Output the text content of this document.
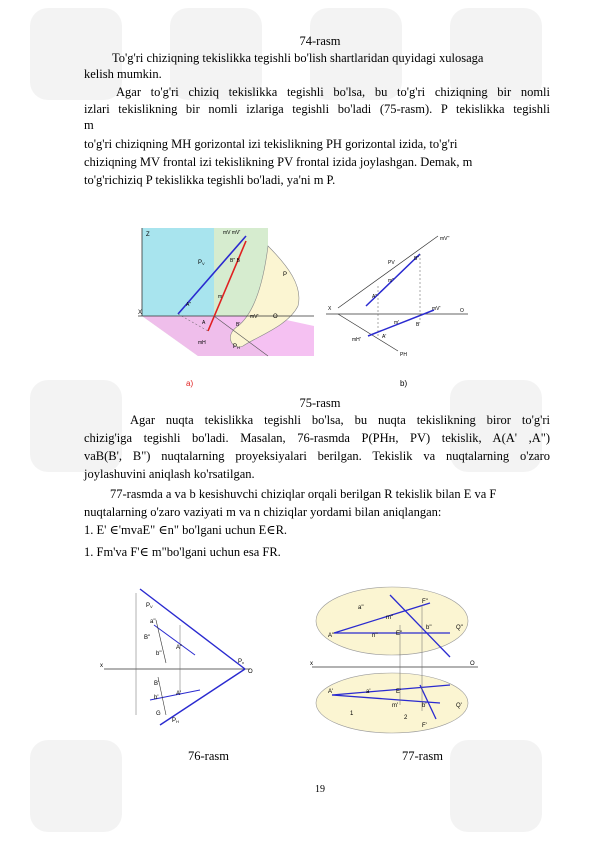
74-rasm
To'g'ri chiziqning tekislikka tegishli bo'lish shartlaridan quyidagi xulosaga
kelish mumkin.
Agar to'g'ri chiziq tekislikka tegishli bo'lsa, bu to'g'ri chiziqning bir nomli
izlari tekislikning bir nomli izlariga tegishli bo'ladi (75-rasm). P tekislikka tegishli
m
to'g'ri chiziqning MH gorizontal izi tekislikning PH gorizontal izida, to'g'ri
chiziqning MV frontal izi tekislikning PV frontal izida joylashgan. Demak, m
to'g'richiziq P tekislikka tegishli bo'ladi, ya'ni m P.
Z
X
O
P
PV
PH
mV mV'
B'' B
A''
A	B'
m
mH
mV'
a)
X	O
mV''
PV
m''
B''
A''
m'	B'
A'
PH
mH'
mV'
b)
75-rasm
Agar nuqta tekislikka tegishli bo'lsa, bu nuqta tekislikning biror to'g'ri
chizig'iga tegishli bo'ladi. Masalan, 76-rasmda P(PHн, PV) tekislik, A(A' ,A")
vaB(B', B") nuqtalarning proyeksiyalari berilgan. Tekislik va nuqtalarning o'zaro
joylashuvini aniqlash ko'rsatilgan.
77-rasmda a va b kesishuvchi chiziqlar orqali berilgan R tekislik bilan E va F
nuqtalarning o'zaro vaziyati m va n chiziqlar yordami bilan aniqlangan:
1. E' ∈'mvaE" ∈n" bo'lgani uchun E∈R.
1. Fm'va F'∈ m"bo'lgani uchun esa FR.
PV
PH
Px
x
O
a''
B''
b''
A''
B'
b'
A'
G
a''
m''
F''
b''
n''	E''
A''
Q''
x	O
A'	a'	E'
m'	b'
F'
Q'
1
2
76-rasm	77-rasm
19
